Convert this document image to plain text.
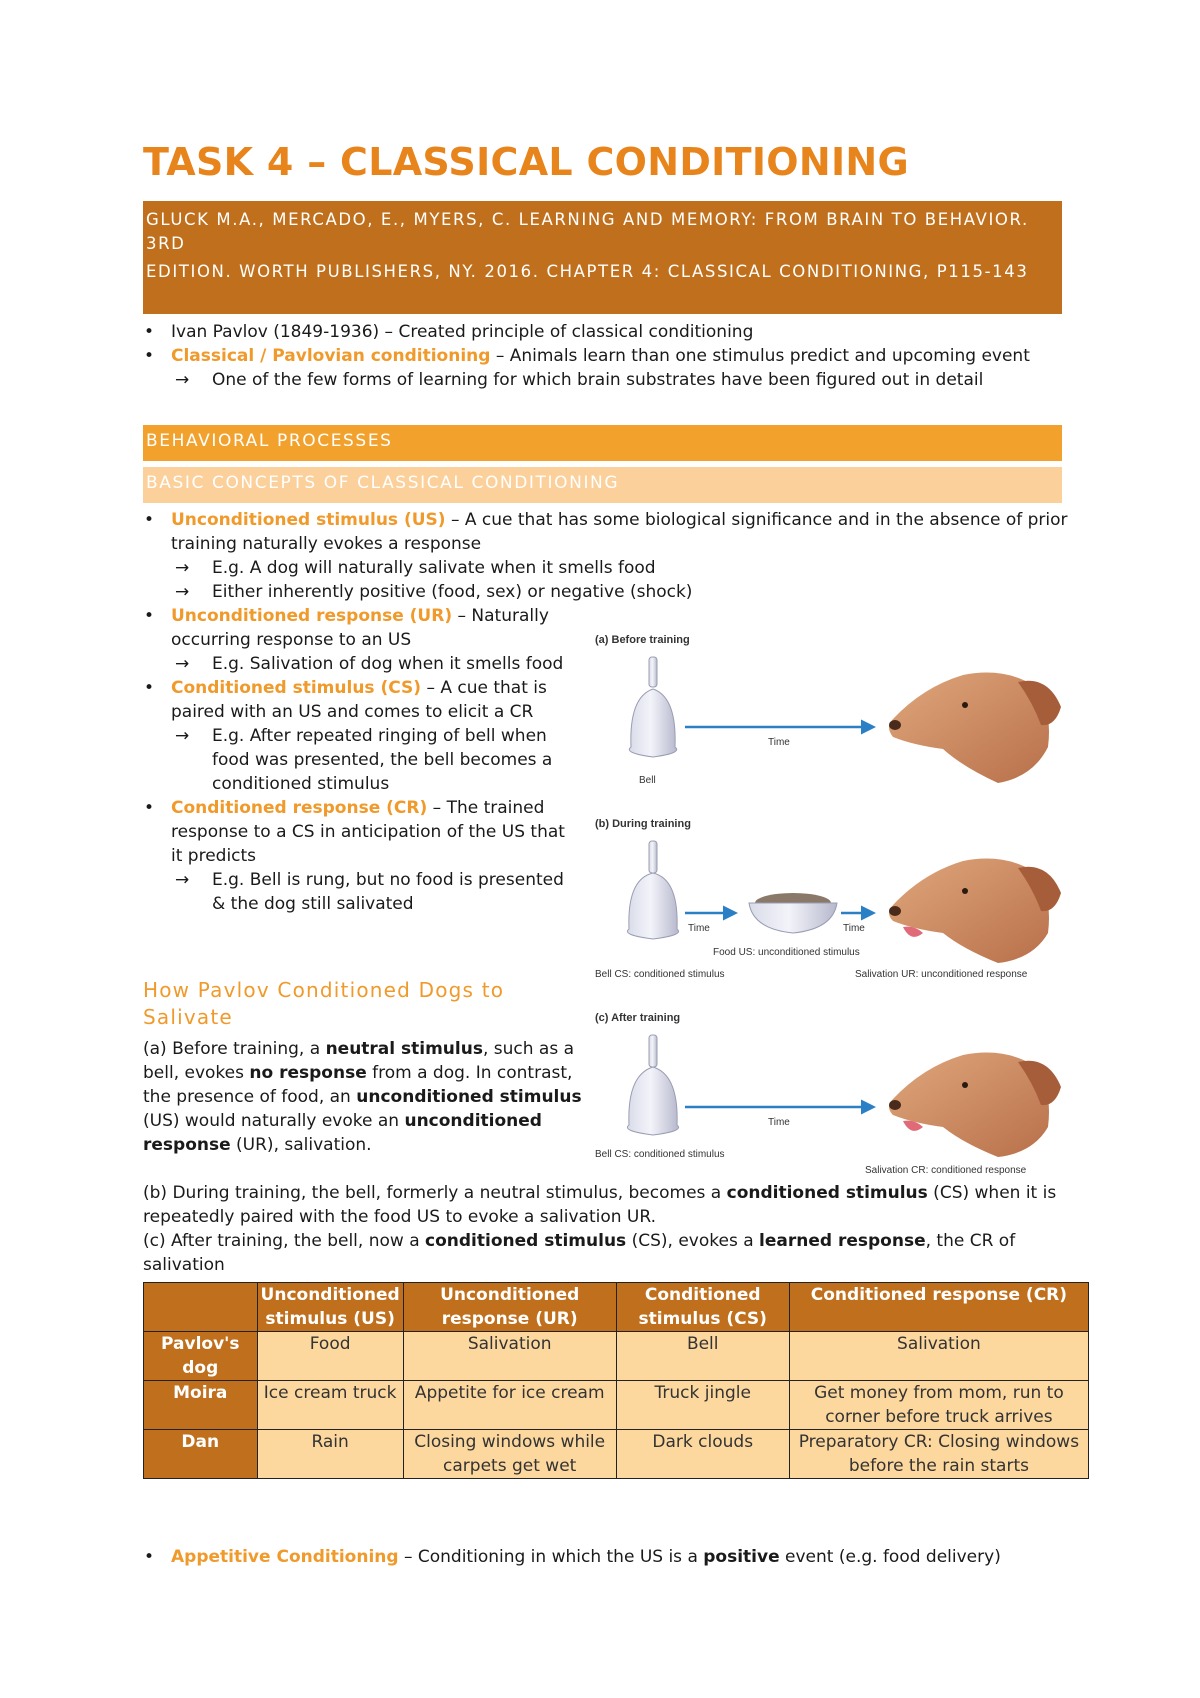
TASK 4 – CLASSICAL CONDITIONING
GLUCK M.A., MERCADO, E., MYERS, C. LEARNING AND MEMORY: FROM BRAIN TO BEHAVIOR. 3RD
EDITION. WORTH PUBLISHERS, NY. 2016. CHAPTER 4: CLASSICAL CONDITIONING, P115-143
• Ivan Pavlov (1849-1936) – Created principle of classical conditioning
• Classical / Pavlovian conditioning – Animals learn than one stimulus predict and upcoming event
→ One of the few forms of learning for which brain substrates have been figured out in detail
BEHAVIORAL PROCESSES
BASIC CONCEPTS OF CLASSICAL CONDITIONING
• Unconditioned stimulus (US) – A cue that has some biological significance and in the absence of prior training naturally evokes a response
→ E.g. A dog will naturally salivate when it smells food
→ Either inherently positive (food, sex) or negative (shock)
• Unconditioned response (UR) – Naturally occurring response to an US
→ E.g. Salivation of dog when it smells food
• Conditioned stimulus (CS) – A cue that is paired with an US and comes to elicit a CR
→ E.g. After repeated ringing of bell when food was presented, the bell becomes a conditioned stimulus
• Conditioned response (CR) – The trained response to a CS in anticipation of the US that it predicts
→ E.g. Bell is rung, but no food is presented & the dog still salivated
How Pavlov Conditioned Dogs to Salivate
(a) Before training, a neutral stimulus, such as a bell, evokes no response from a dog. In contrast, the presence of food, an unconditioned stimulus (US) would naturally evoke an unconditioned response (UR), salivation.
(b) During training, the bell, formerly a neutral stimulus, becomes a conditioned stimulus (CS) when it is repeatedly paired with the food US to evoke a salivation UR.
(c) After training, the bell, now a conditioned stimulus (CS), evokes a learned response, the CR of salivation
(a) Before training
Time
Bell
(b) During training
Time	Time
Food US: unconditioned stimulus
Bell CS: conditioned stimulus	Salivation UR: unconditioned response
(c) After training
Time
Bell CS: conditioned stimulus
Salivation CR: conditioned response
	Unconditioned stimulus (US)	Unconditioned response (UR)	Conditioned stimulus (CS)	Conditioned response (CR)
Pavlov's dog	Food	Salivation	Bell	Salivation
Moira	Ice cream truck	Appetite for ice cream	Truck jingle	Get money from mom, run to corner before truck arrives
Dan	Rain	Closing windows while carpets get wet	Dark clouds	Preparatory CR: Closing windows before the rain starts
• Appetitive Conditioning – Conditioning in which the US is a positive event (e.g. food delivery)
